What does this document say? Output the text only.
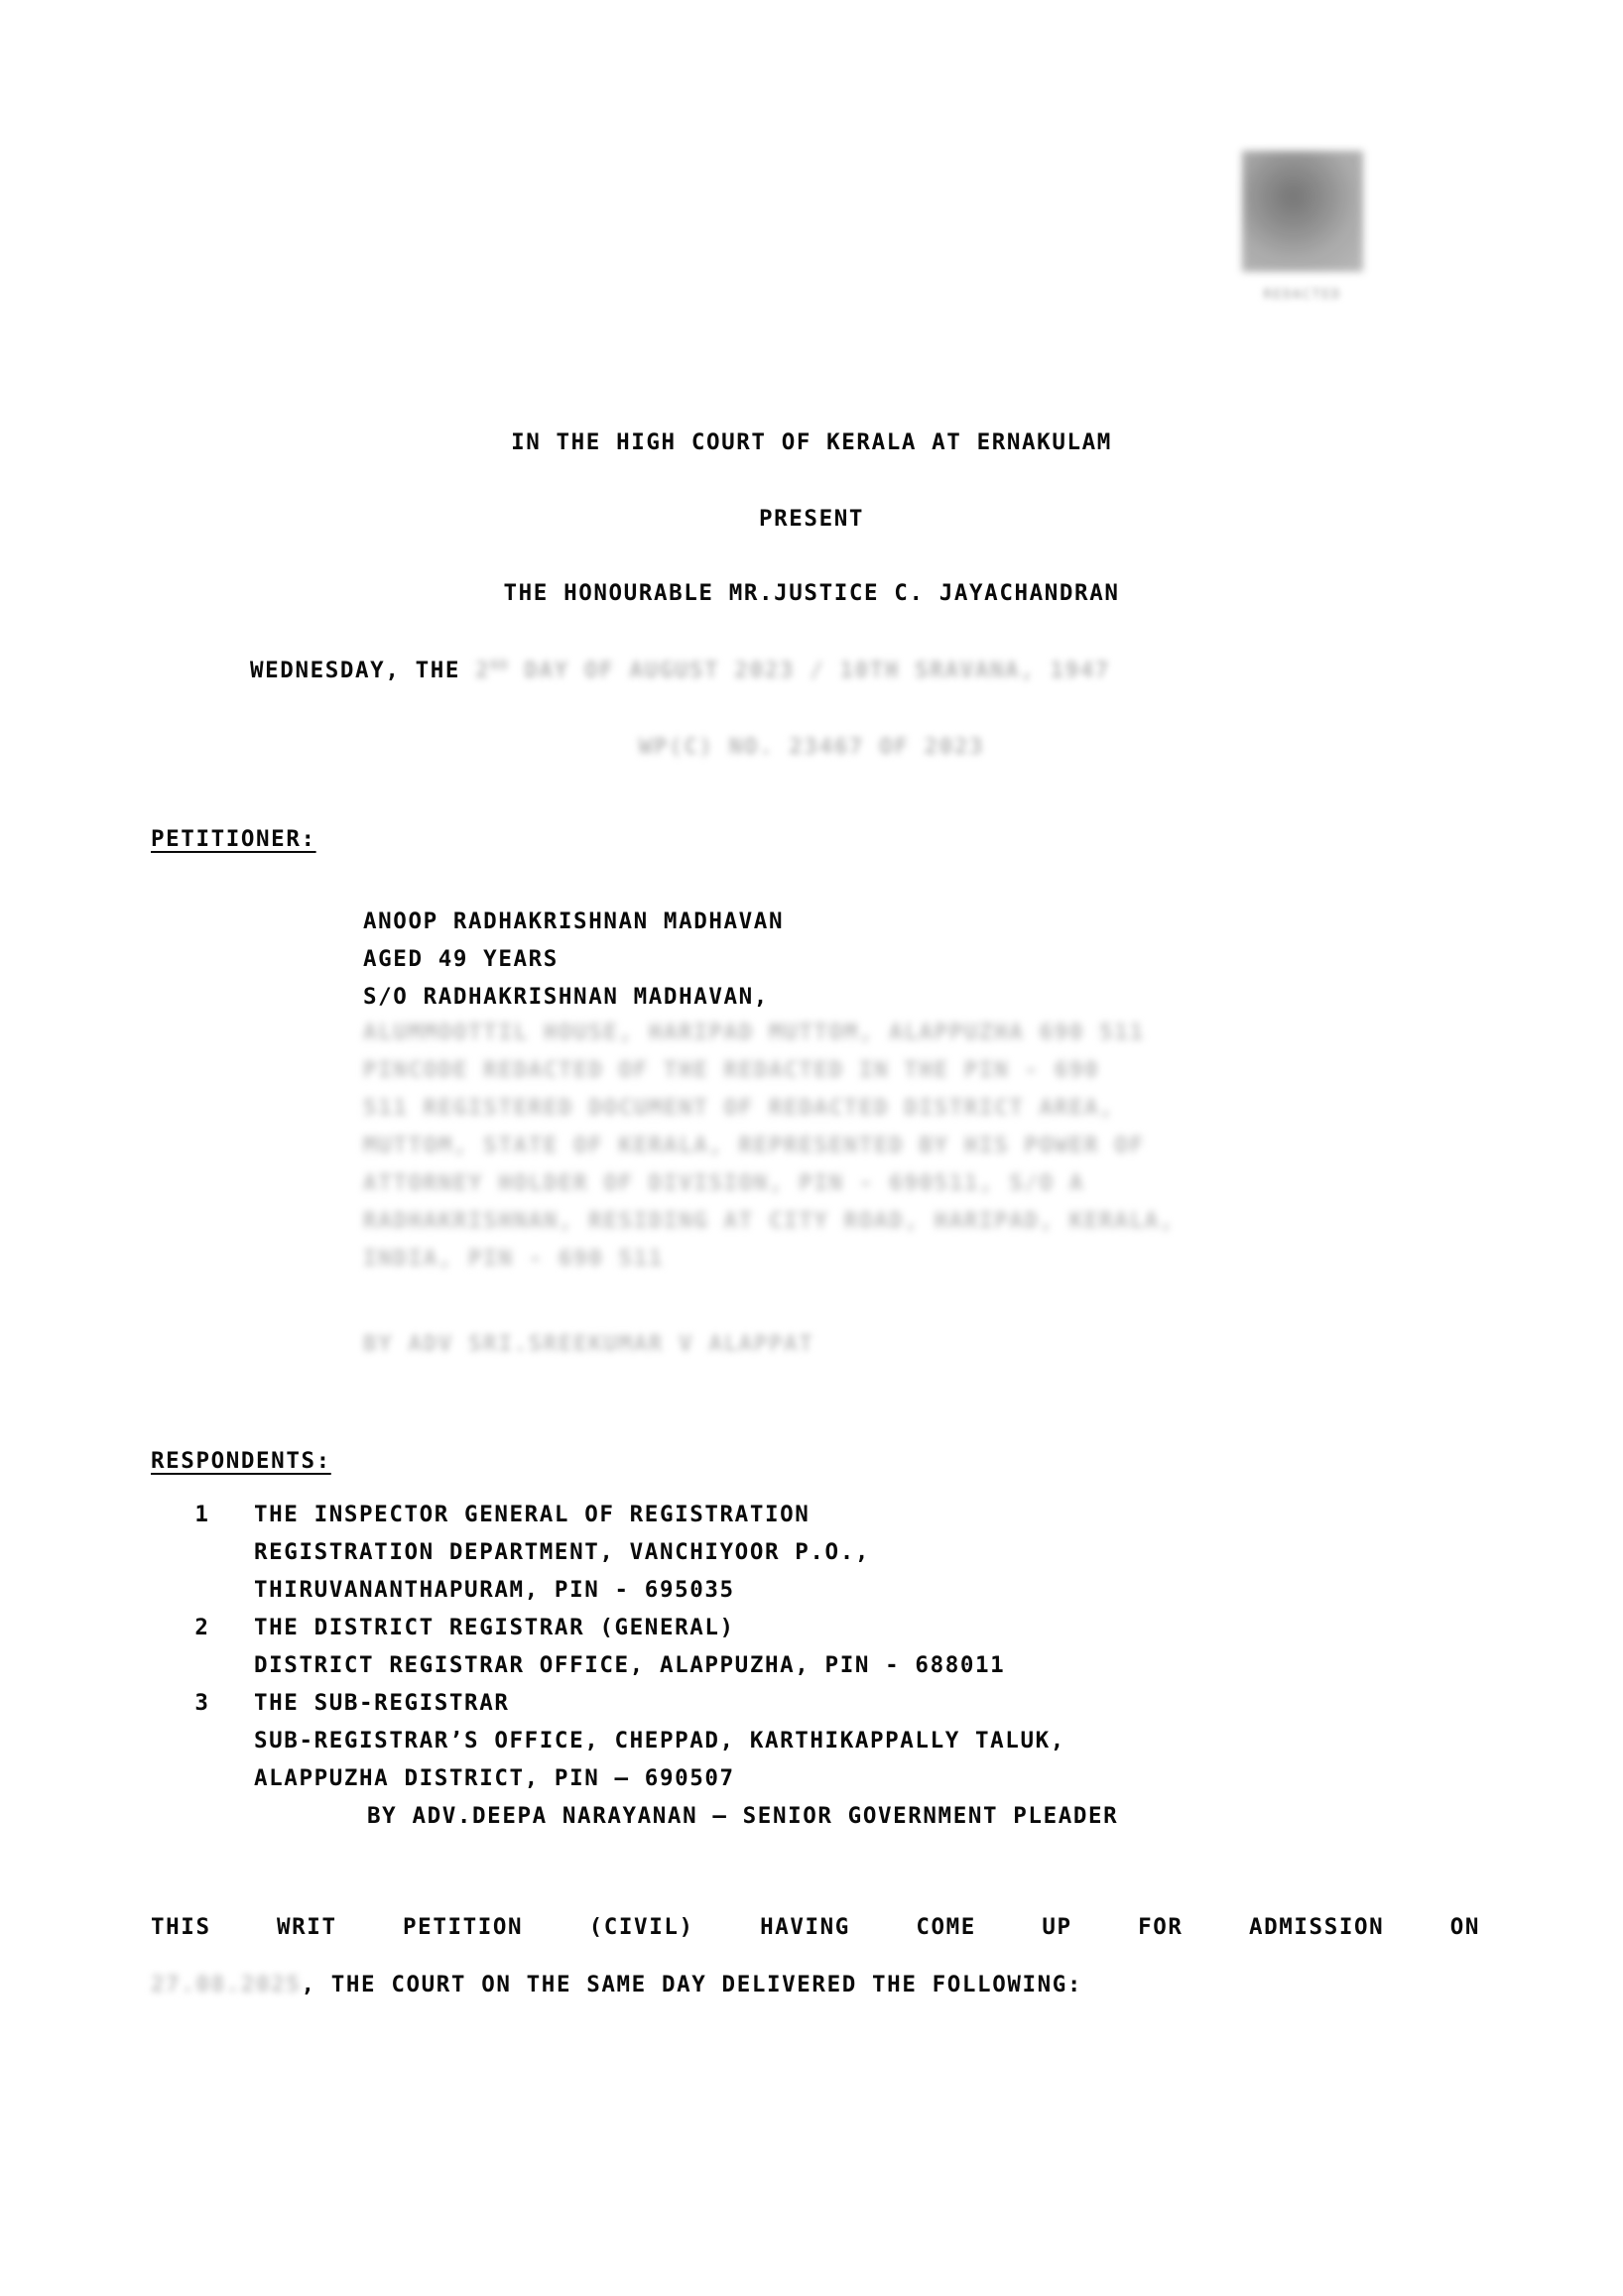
REDACTED
IN THE HIGH COURT OF KERALA AT ERNAKULAM
PRESENT
THE HONOURABLE MR.JUSTICE C. JAYACHANDRAN
WEDNESDAY, THE 2ND DAY OF AUGUST 2023 / 10TH SRAVANA, 1947
WP(C) NO. 23467 OF 2023
PETITIONER:
ANOOP RADHAKRISHNAN MADHAVAN
AGED 49 YEARS
S/O RADHAKRISHNAN MADHAVAN,
ALUMMOOTTIL HOUSE, HARIPAD MUTTOM, ALAPPUZHA 690 511
PINCODE REDACTED OF THE REDACTED IN THE PIN - 690
511 REGISTERED DOCUMENT OF REDACTED DISTRICT AREA,
MUTTOM, STATE OF KERALA, REPRESENTED BY HIS POWER OF
ATTORNEY HOLDER OF DIVISION, PIN - 690511, S/O A
RADHAKRISHNAN, RESIDING AT CITY ROAD, HARIPAD, KERALA,
INDIA, PIN - 690 511
BY ADV SRI.SREEKUMAR V ALAPPAT
RESPONDENTS:
1	THE INSPECTOR GENERAL OF REGISTRATION
REGISTRATION DEPARTMENT, VANCHIYOOR P.O.,
THIRUVANANTHAPURAM, PIN - 695035
2	THE DISTRICT REGISTRAR (GENERAL)
DISTRICT REGISTRAR OFFICE, ALAPPUZHA, PIN - 688011
3	THE SUB-REGISTRAR
SUB-REGISTRAR’S OFFICE, CHEPPAD, KARTHIKAPPALLY TALUK,
ALAPPUZHA DISTRICT, PIN – 690507
BY ADV.DEEPA NARAYANAN – SENIOR GOVERNMENT PLEADER
THIS WRIT PETITION (CIVIL) HAVING COME UP FOR ADMISSION ON
27.08.2025, THE COURT ON THE SAME DAY DELIVERED THE FOLLOWING:
